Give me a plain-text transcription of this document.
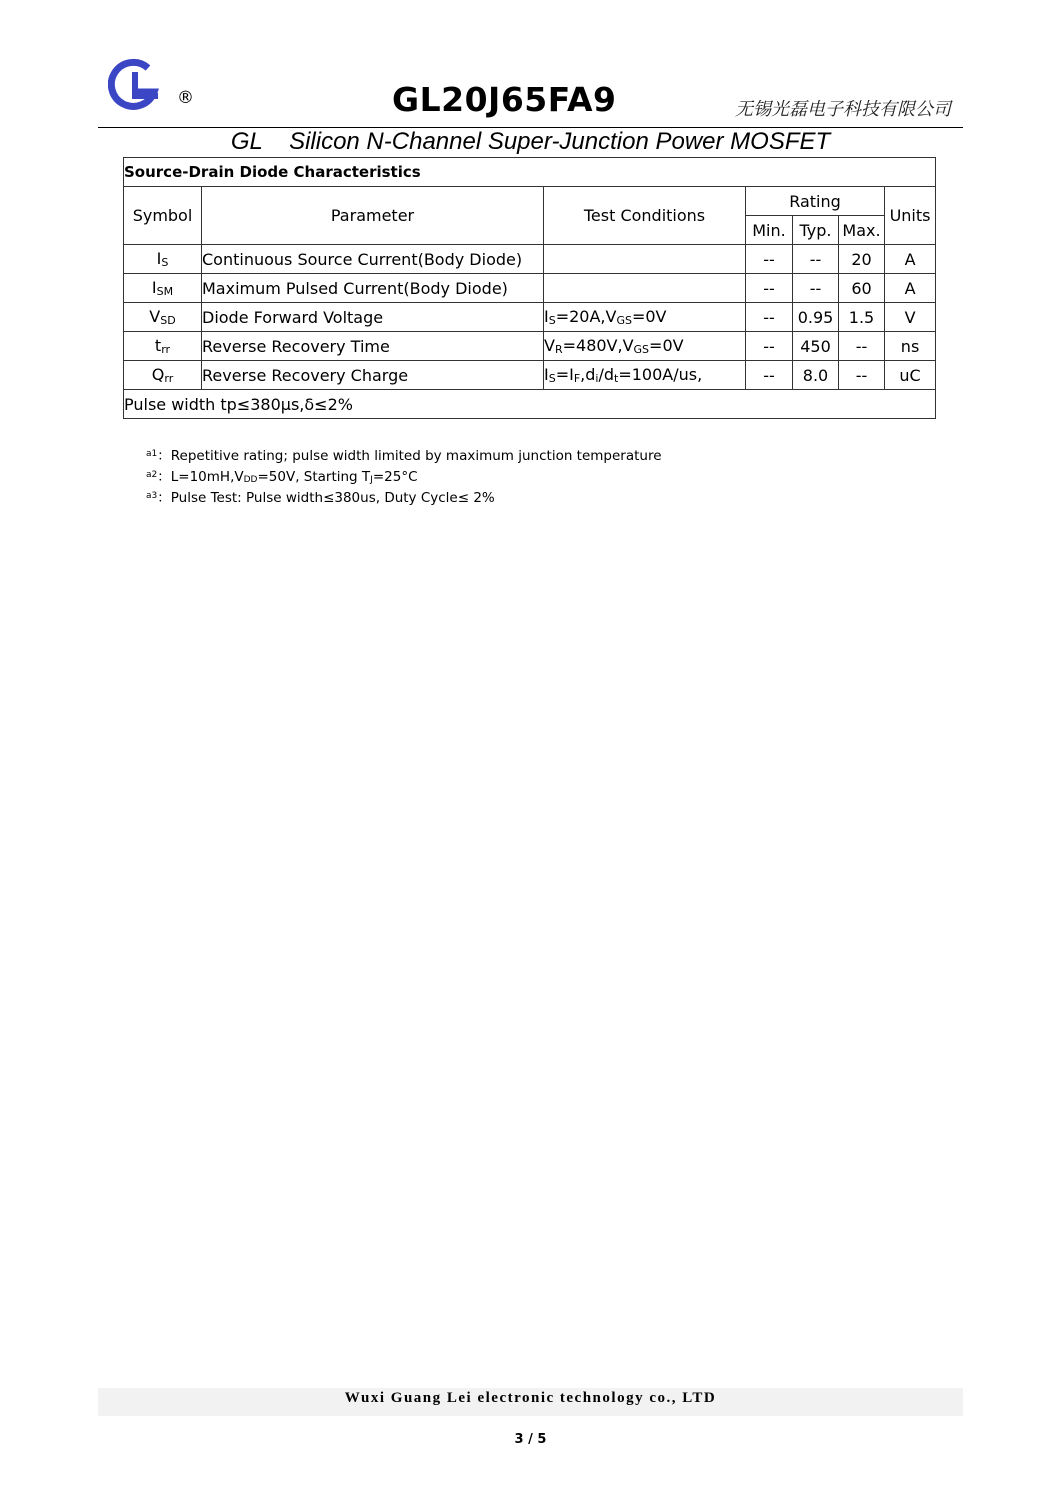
®	GL20J65FA9	无锡光磊电子科技有限公司
GL    Silicon N-Channel Super-Junction Power MOSFET
Source-Drain Diode Characteristics						
Symbol	Parameter	Test Conditions	Rating			Units
			Min.	Typ.	Max.	
$I_S$	Continuous Source Current(Body Diode)		--	--	20	A
$I_{SM}$	Maximum Pulsed Current(Body Diode)		--	--	60	A
$V_{SD}$	Diode Forward Voltage	$I_S=20A,V_{GS}=0V$	--	0.95	1.5	V
$t_{rr}$	Reverse Recovery Time	$V_R=480V,V_{GS}=0V$	--	450	--	ns
$Q_{rr}$	Reverse Recovery Charge	$I_S=I_F,d_i/d_t=100A/us$,	--	8.0	--	uC
Pulse width tp≤380μs,δ≤2%						
$^{a1}$：Repetitive rating; pulse width limited by maximum junction temperature
$^{a2}$：$L=10mH,V_{DD}=50V$, Starting $T_J=25^\circ C$
$^{a3}$：Pulse Test: Pulse width≤380us, Duty Cycle≤ 2%
Wuxi Guang Lei electronic technology co., LTD
3 / 5
